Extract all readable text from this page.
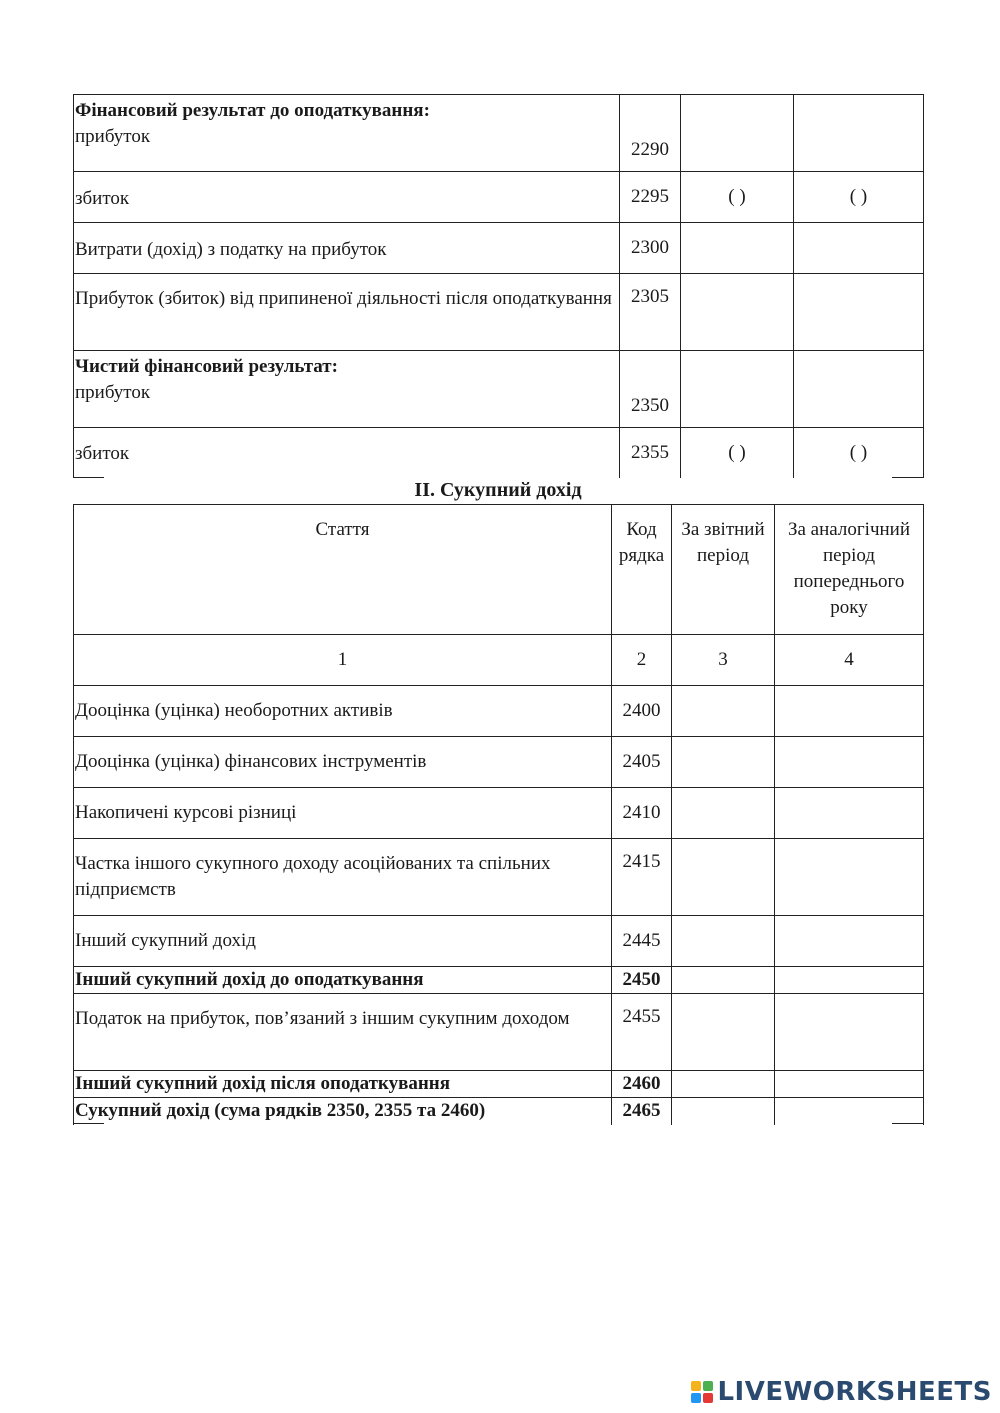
Фінансовий результат до оподаткування:
прибуток	2290		
збиток	2295	( )	( )
Витрати (дохід) з податку на прибуток	2300		
Прибуток (збиток) від припиненої діяльності після оподаткування	2305		

Чистий фінансовий результат:
прибуток	2350		
збиток	2355	( )	( )
II. Сукупний дохід
Стаття	Код рядка	За звітний період	За аналогічний період попереднього року
1	2	3	4
Дооцінка (уцінка) необоротних активів	2400		
Дооцінка (уцінка) фінансових інструментів	2405		
Накопичені курсові різниці	2410		
Частка іншого сукупного доходу асоційованих та спільних підприємств	2415		
Інший сукупний дохід	2445		
Інший сукупний дохід до оподаткування	2450		
Податок на прибуток, пов’язаний з іншим сукупним доходом	2455		
Інший сукупний дохід після оподаткування	2460		
Сукупний дохід (сума рядків 2350, 2355 та 2460)	2465		
LIVEWORKSHEETS
